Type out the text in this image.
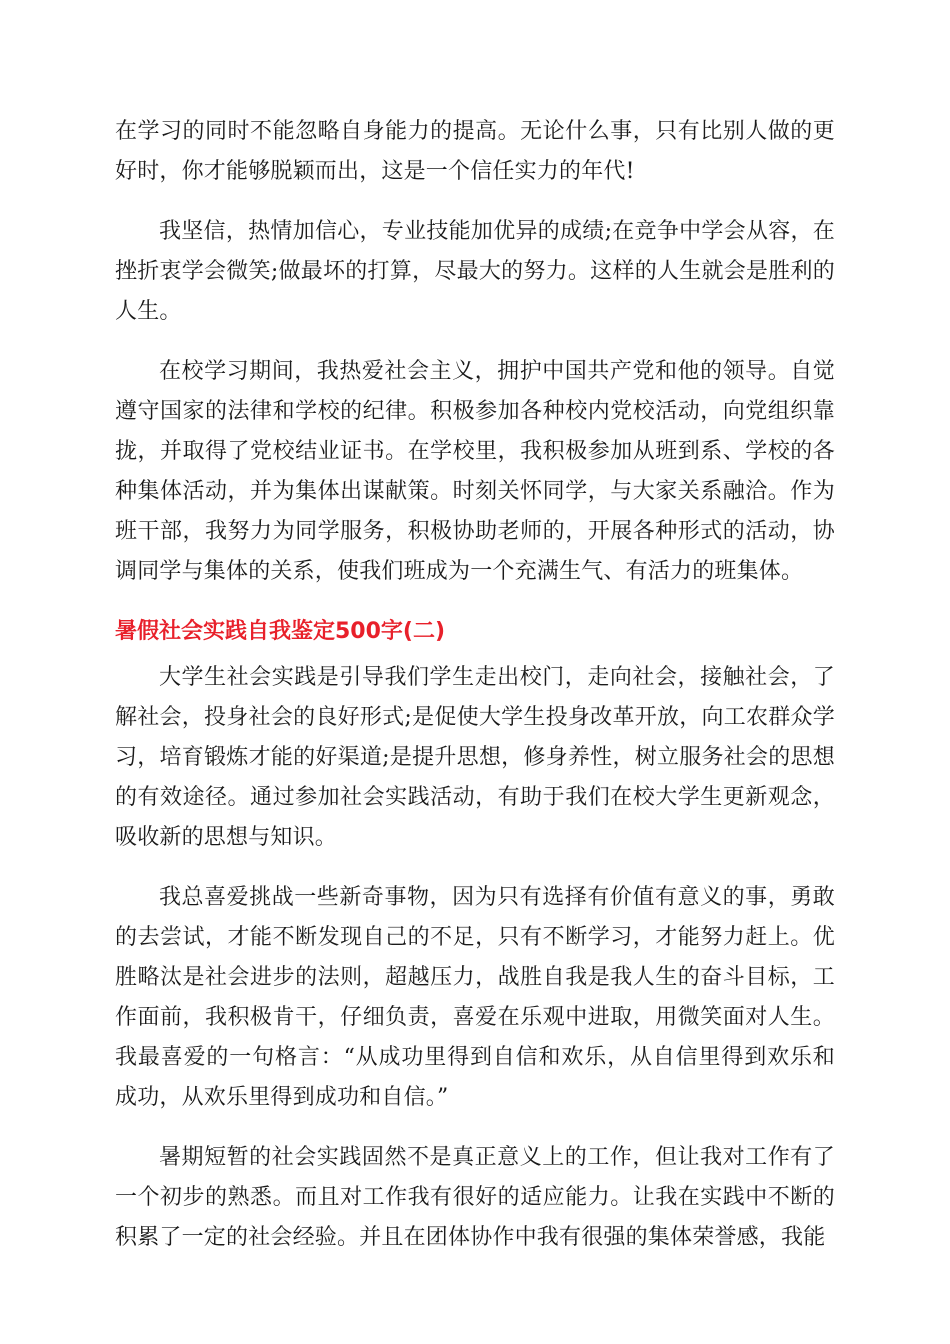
在学习的同时不能忽略自身能力的提高。无论什么事，只有比别人做的更好时，你才能够脱颖而出，这是一个信任实力的年代!

我坚信，热情加信心，专业技能加优异的成绩;在竞争中学会从容，在挫折衷学会微笑;做最坏的打算，尽最大的努力。这样的人生就会是胜利的人生。

在校学习期间，我热爱社会主义，拥护中国共产党和他的领导。自觉遵守国家的法律和学校的纪律。积极参加各种校内党校活动，向党组织靠拢，并取得了党校结业证书。在学校里，我积极参加从班到系、学校的各种集体活动，并为集体出谋献策。时刻关怀同学，与大家关系融洽。作为班干部，我努力为同学服务，积极协助老师的，开展各种形式的活动，协调同学与集体的关系，使我们班成为一个充满生气、有活力的班集体。

暑假社会实践自我鉴定500字(二)

大学生社会实践是引导我们学生走出校门，走向社会，接触社会，了解社会，投身社会的良好形式;是促使大学生投身改革开放，向工农群众学习，培育锻炼才能的好渠道;是提升思想，修身养性，树立服务社会的思想的有效途径。通过参加社会实践活动，有助于我们在校大学生更新观念，吸收新的思想与知识。

我总喜爱挑战一些新奇事物，因为只有选择有价值有意义的事，勇敢的去尝试，才能不断发现自己的不足，只有不断学习，才能努力赶上。优胜略汰是社会进步的法则，超越压力，战胜自我是我人生的奋斗目标，工作面前，我积极肯干，仔细负责，喜爱在乐观中进取，用微笑面对人生。我最喜爱的一句格言：“从成功里得到自信和欢乐，从自信里得到欢乐和成功，从欢乐里得到成功和自信。”

暑期短暂的社会实践固然不是真正意义上的工作，但让我对工作有了一个初步的熟悉。而且对工作我有很好的适应能力。让我在实践中不断的积累了一定的社会经验。并且在团体协作中我有很强的集体荣誉感，我能
